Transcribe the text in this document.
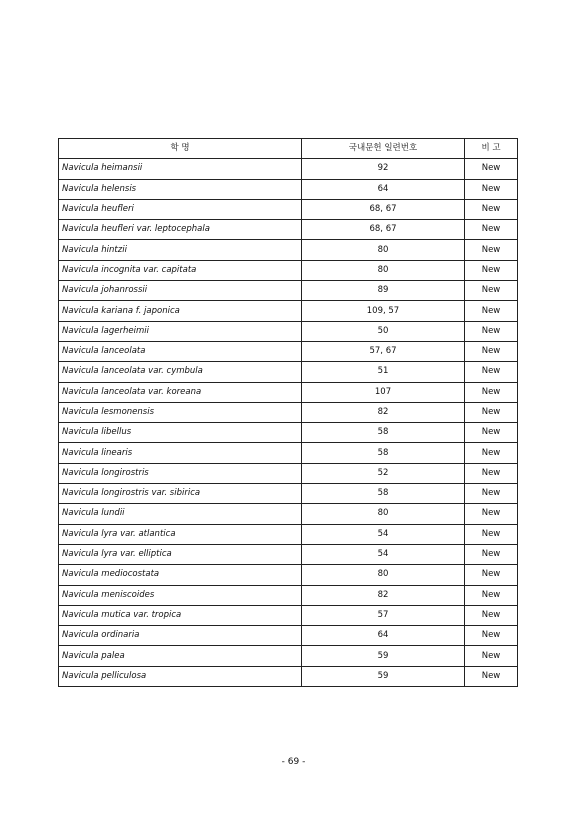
학 명	국내문헌 일련번호	비 고
Navicula heimansii	92	New
Navicula helensis	64	New
Navicula heufleri	68, 67	New
Navicula heufleri var. leptocephala	68, 67	New
Navicula hintzii	80	New
Navicula incognita var. capitata	80	New
Navicula johanrossii	89	New
Navicula kariana f. japonica	109, 57	New
Navicula lagerheimii	50	New
Navicula lanceolata	57, 67	New
Navicula lanceolata var. cymbula	51	New
Navicula lanceolata var. koreana	107	New
Navicula lesmonensis	82	New
Navicula libellus	58	New
Navicula linearis	58	New
Navicula longirostris	52	New
Navicula longirostris var. sibirica	58	New
Navicula lundii	80	New
Navicula lyra var. atlantica	54	New
Navicula lyra var. elliptica	54	New
Navicula mediocostata	80	New
Navicula meniscoides	82	New
Navicula mutica var. tropica	57	New
Navicula ordinaria	64	New
Navicula palea	59	New
Navicula pelliculosa	59	New
- 69 -
